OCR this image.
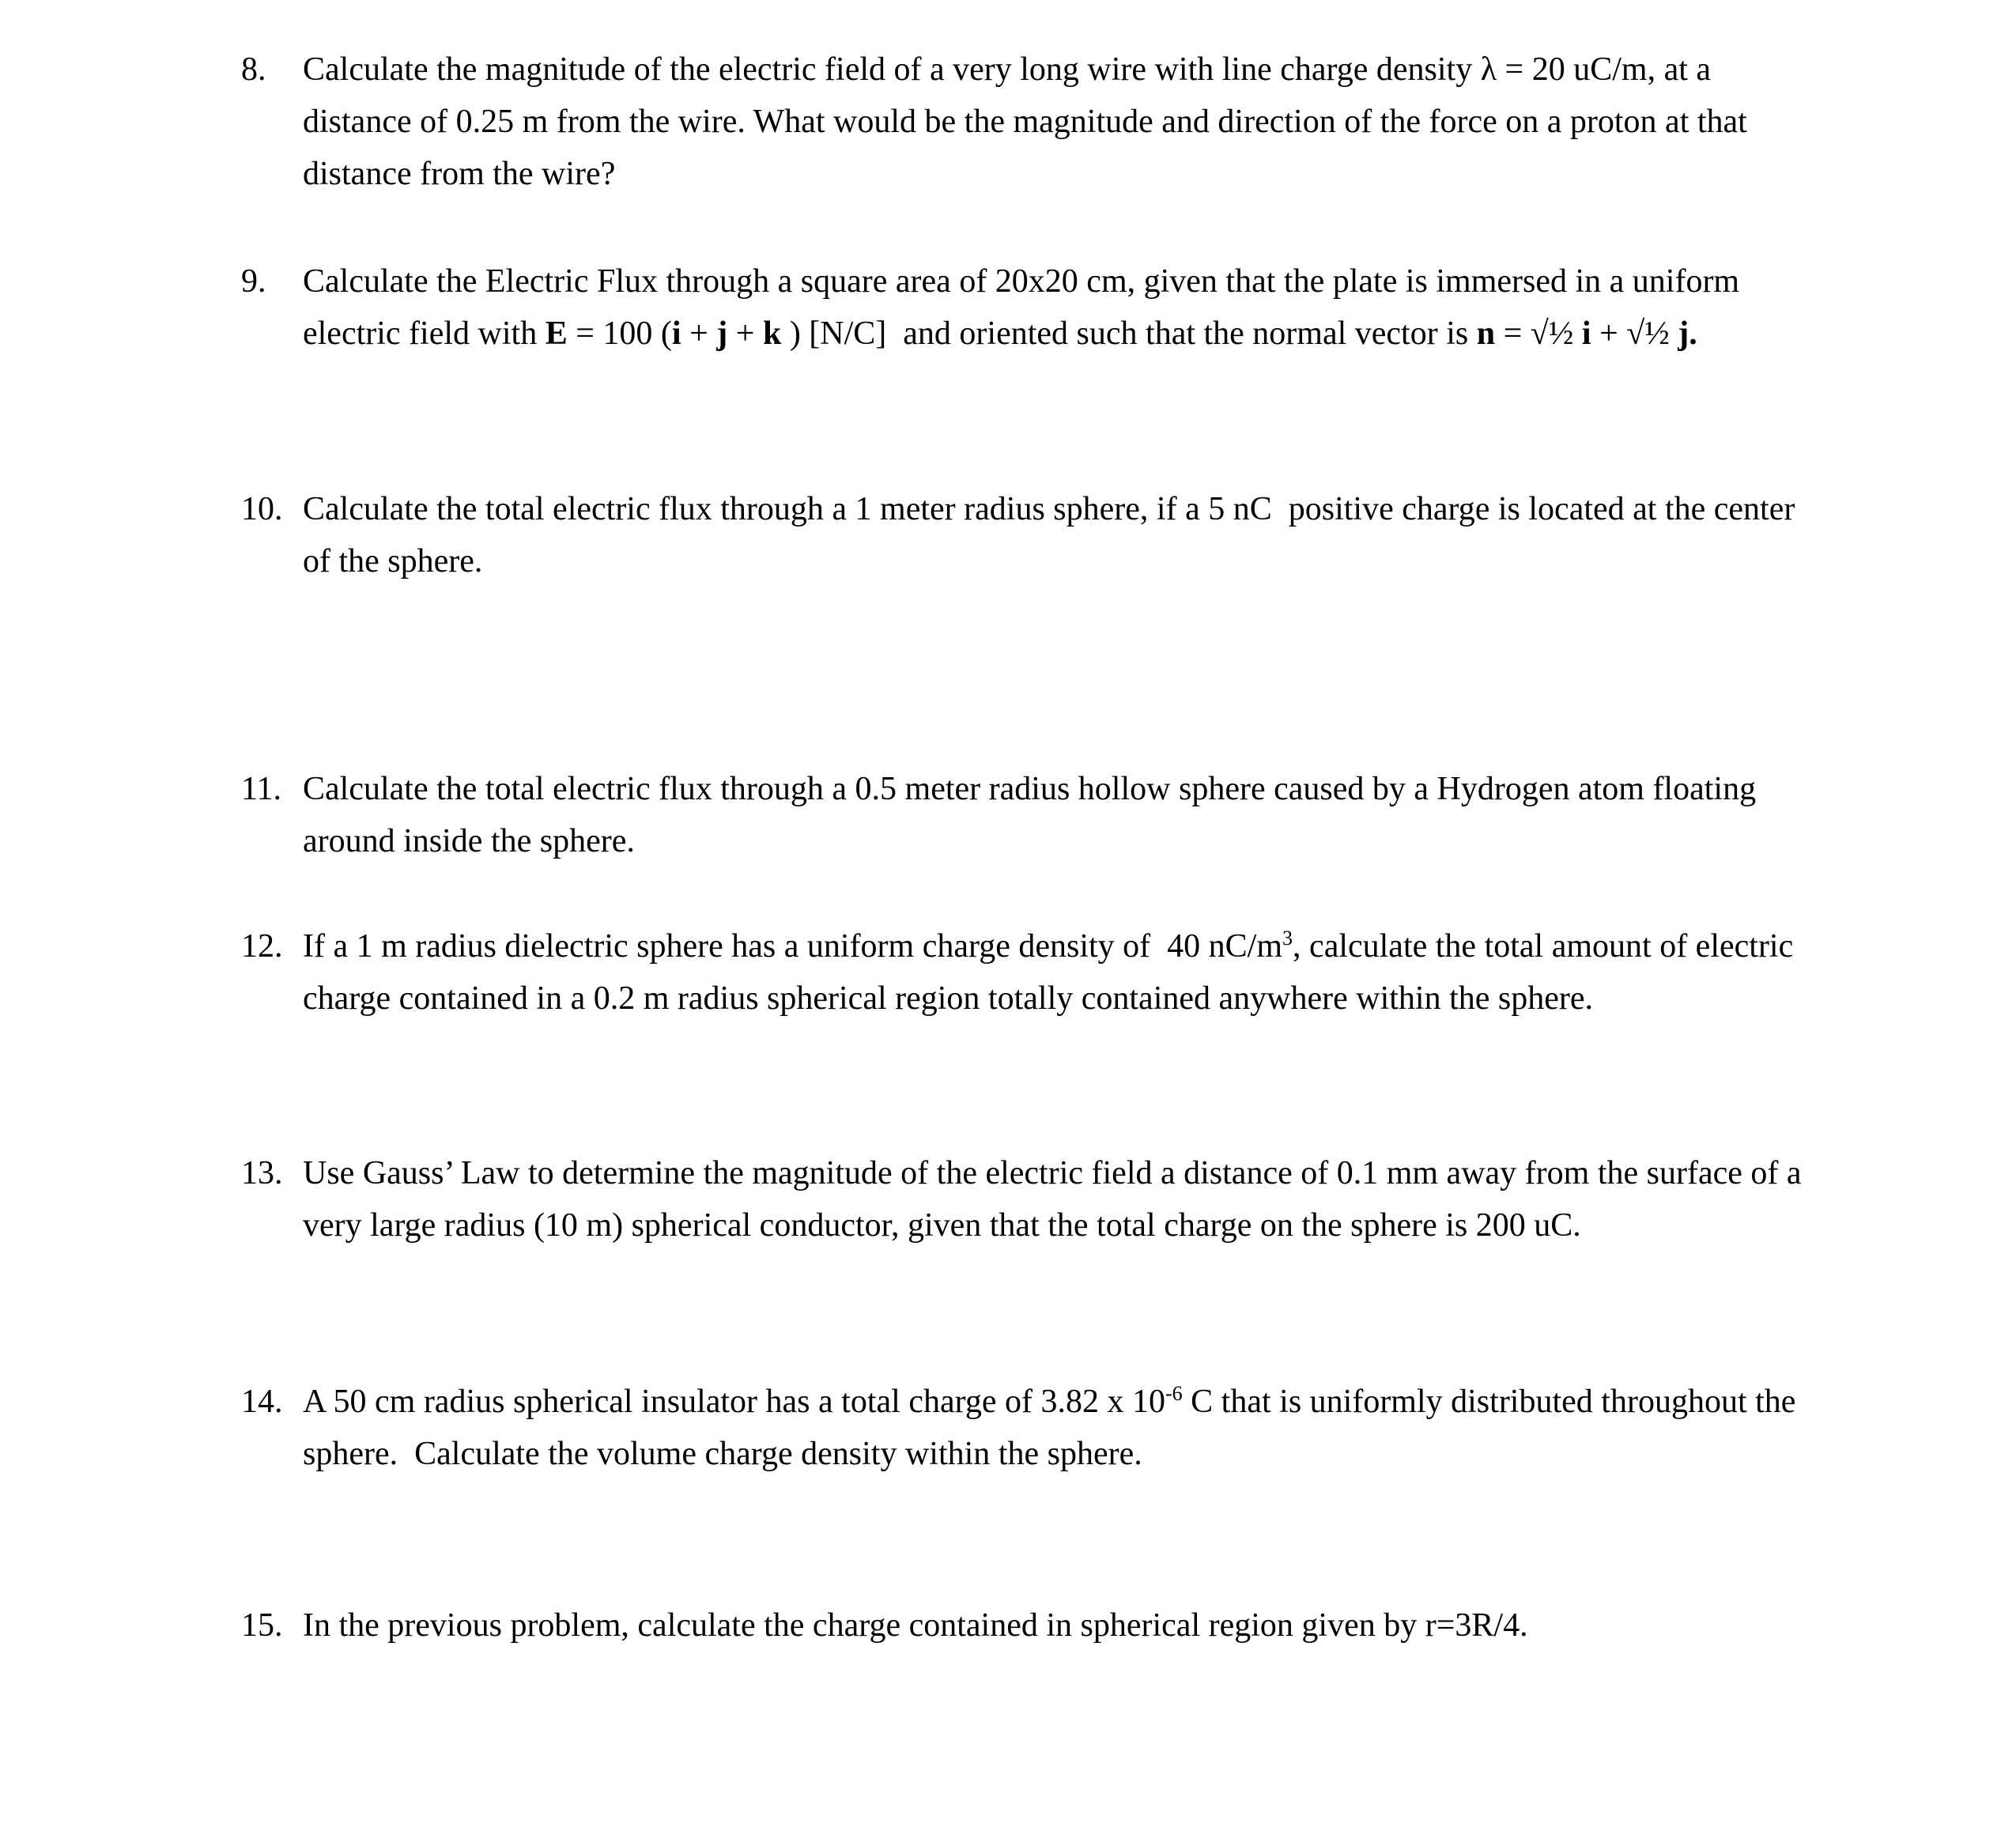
8.	Calculate the magnitude of the electric field of a very long wire with line charge density λ = 20 uC/m, at a distance of 0.25 m from the wire. What would be the magnitude and direction of the force on a proton at that distance from the wire?
9.	Calculate the Electric Flux through a square area of 20x20 cm, given that the plate is immersed in a uniform electric field with E = 100 (i + j + k ) [N/C]  and oriented such that the normal vector is n = √½ i + √½ j.
10. Calculate the total electric flux through a 1 meter radius sphere, if a 5 nC  positive charge is located at the center of the sphere.
11. Calculate the total electric flux through a 0.5 meter radius hollow sphere caused by a Hydrogen atom floating around inside the sphere.
12. If a 1 m radius dielectric sphere has a uniform charge density of  40 $nC/m^3$, calculate the total amount of electric charge contained in a 0.2 m radius spherical region totally contained anywhere within the sphere.
13. Use Gauss’ Law to determine the magnitude of the electric field a distance of 0.1 mm away from the surface of a very large radius (10 m) spherical conductor, given that the total charge on the sphere is 200 uC.
14. A 50 cm radius spherical insulator has a total charge of 3.82 x $10^{-6}$ C that is uniformly distributed throughout the sphere.  Calculate the volume charge density within the sphere.
15. In the previous problem, calculate the charge contained in spherical region given by r=3R/4.
